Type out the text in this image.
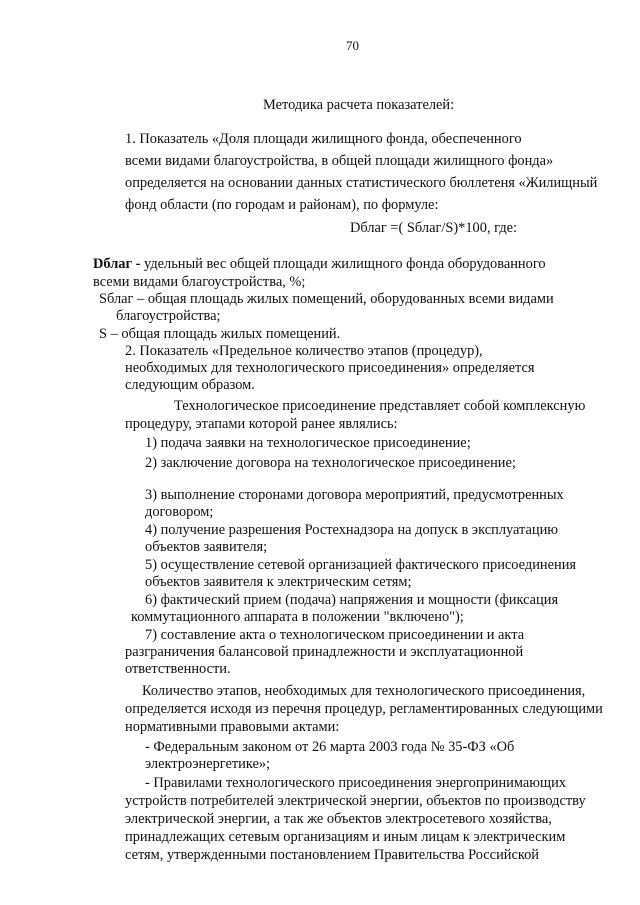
70
Методика расчета показателей:
1. Показатель «Доля площади жилищного фонда, обеспеченного
всеми видами благоустройства, в общей площади жилищного фонда»
определяется на основании данных статистического бюллетеня «Жилищный
фонд области (по городам и районам), по формуле:
Dблаг =( Sблаг/S)*100, где:
Dблаг - удельный вес общей площади жилищного фонда оборудованного
всеми видами благоустройства, %;
Sблаг – общая площадь жилых помещений, оборудованных всеми видами
благоустройства;
S – общая площадь жилых помещений.
2. Показатель «Предельное количество этапов (процедур),
необходимых для технологического присоединения» определяется
следующим образом.
Технологическое присоединение представляет собой комплексную
процедуру, этапами которой ранее являлись:
1) подача заявки на технологическое присоединение;
2) заключение договора на технологическое присоединение;
3) выполнение сторонами договора мероприятий, предусмотренных
договором;
4) получение разрешения Ростехнадзора на допуск в эксплуатацию
объектов заявителя;
5) осуществление сетевой организацией фактического присоединения
объектов заявителя к электрическим сетям;
6) фактический прием (подача) напряжения и мощности (фиксация
коммутационного аппарата в положении "включено");
7) составление акта о технологическом присоединении и акта
разграничения балансовой принадлежности и эксплуатационной
ответственности.
Количество этапов, необходимых для технологического присоединения,
определяется исходя из перечня процедур, регламентированных следующими
нормативными правовыми актами:
- Федеральным законом от 26 марта 2003 года № 35-ФЗ «Об
электроэнергетике»;
- Правилами технологического присоединения энергопринимающих
устройств потребителей электрической энергии, объектов по производству
электрической энергии, а так же объектов электросетевого хозяйства,
принадлежащих сетевым организациям и иным лицам к электрическим
сетям, утвержденными постановлением Правительства Российской
